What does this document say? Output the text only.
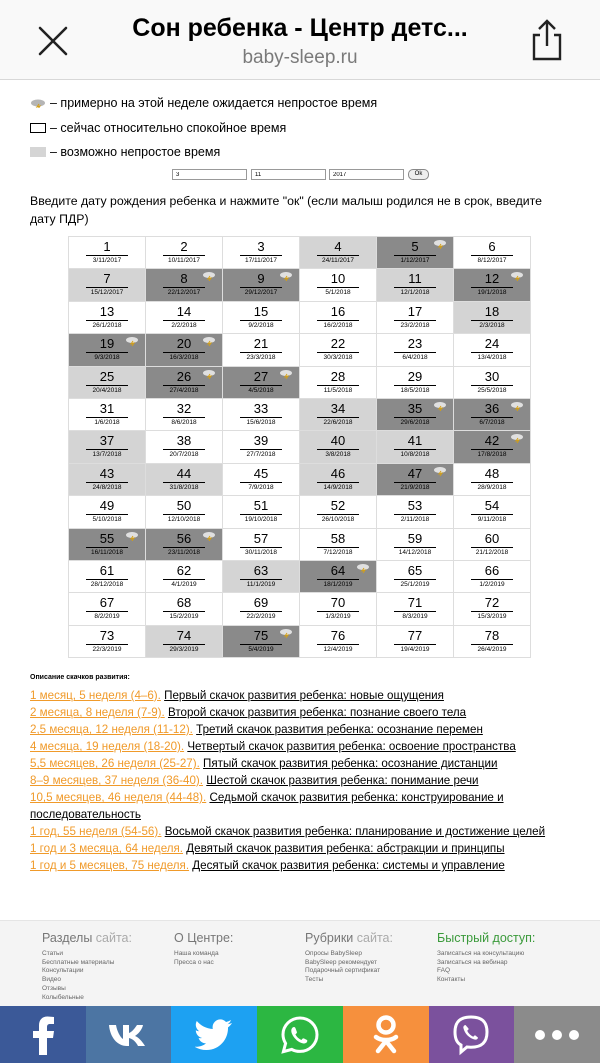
Сон ребенка - Центр детс...
baby-sleep.ru
– примерно на этой неделе ожидается непростое время
– сейчас относительно спокойное время
– возможно непростое время
3
11
2017
Ok
Введите дату рождения ребенка и нажмите "ок" (если малыш родился не в срок, введите дату ПДР)
1
3/11/2017
2
10/11/2017
3
17/11/2017
4
24/11/2017
5
1/12/2017
6
8/12/2017
7
15/12/2017
8
22/12/2017
9
29/12/2017
10
5/1/2018
11
12/1/2018
12
19/1/2018
13
26/1/2018
14
2/2/2018
15
9/2/2018
16
16/2/2018
17
23/2/2018
18
2/3/2018
19
9/3/2018
20
16/3/2018
21
23/3/2018
22
30/3/2018
23
6/4/2018
24
13/4/2018
25
20/4/2018
26
27/4/2018
27
4/5/2018
28
11/5/2018
29
18/5/2018
30
25/5/2018
31
1/6/2018
32
8/6/2018
33
15/6/2018
34
22/6/2018
35
29/6/2018
36
6/7/2018
37
13/7/2018
38
20/7/2018
39
27/7/2018
40
3/8/2018
41
10/8/2018
42
17/8/2018
43
24/8/2018
44
31/8/2018
45
7/9/2018
46
14/9/2018
47
21/9/2018
48
28/9/2018
49
5/10/2018
50
12/10/2018
51
19/10/2018
52
26/10/2018
53
2/11/2018
54
9/11/2018
55
16/11/2018
56
23/11/2018
57
30/11/2018
58
7/12/2018
59
14/12/2018
60
21/12/2018
61
28/12/2018
62
4/1/2019
63
11/1/2019
64
18/1/2019
65
25/1/2019
66
1/2/2019
67
8/2/2019
68
15/2/2019
69
22/2/2019
70
1/3/2019
71
8/3/2019
72
15/3/2019
73
22/3/2019
74
29/3/2019
75
5/4/2019
76
12/4/2019
77
19/4/2019
78
26/4/2019
Описание скачков развития:
1 месяц, 5 неделя (4–6). Первый скачок развития ребенка: новые ощущения
2 месяца, 8 неделя (7-9). Второй скачок развития ребенка: познание своего тела
2,5 месяца, 12 неделя (11-12). Третий скачок развития ребенка: осознание перемен
4 месяца, 19 неделя (18-20). Четвертый скачок развития ребенка: освоение пространства
5,5 месяцев, 26 неделя (25-27). Пятый скачок развития ребенка: осознание дистанции
8–9 месяцев, 37 неделя (36-40). Шестой скачок развития ребенка: понимание речи
10,5 месяцев, 46 неделя (44-48). Седьмой скачок развития ребенка: конструирование и последовательность
1 год, 55 неделя (54-56). Восьмой скачок развития ребенка: планирование и достижение целей
1 год и 3 месяца, 64 неделя. Девятый скачок развития ребенка: абстракции и принципы
1 год и 5 месяцев, 75 неделя. Десятый скачок развития ребенка: системы и управление
Разделы сайта:
Статьи
Бесплатные материалы
Консультации
Видео
Отзывы
Колыбельные
О Центре:
Наша команда
Пресса о нас
Рубрики сайта:
Опросы BabySleep
BabySleep рекомендует
Подарочный сертификат
Тесты
Быстрый доступ:
Записаться на консультацию
Записаться на вебинар
FAQ
Контакты
